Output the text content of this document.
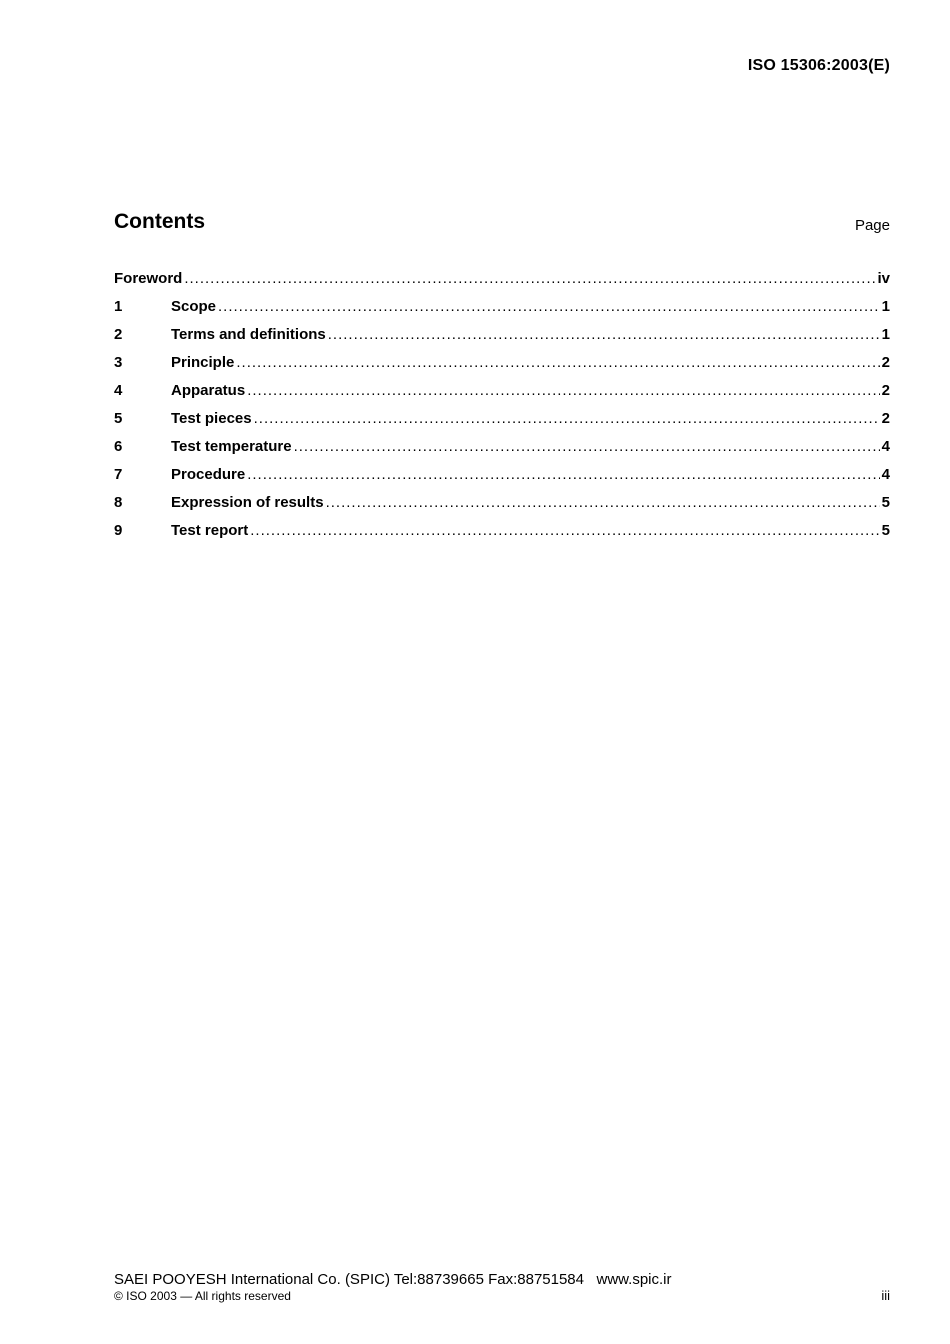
ISO 15306:2003(E)
Contents	Page
Foreword .....	iv
1	Scope .....	1
2	Terms and definitions .....	1
3	Principle .....	2
4	Apparatus .....	2
5	Test pieces .....	2
6	Test temperature .....	4
7	Procedure .....	4
8	Expression of results .....	5
9	Test report .....	5
SAEI POOYESH International Co. (SPIC) Tel:88739665 Fax:88751584   www.spic.ir
© ISO 2003 — All rights reserved	iii
